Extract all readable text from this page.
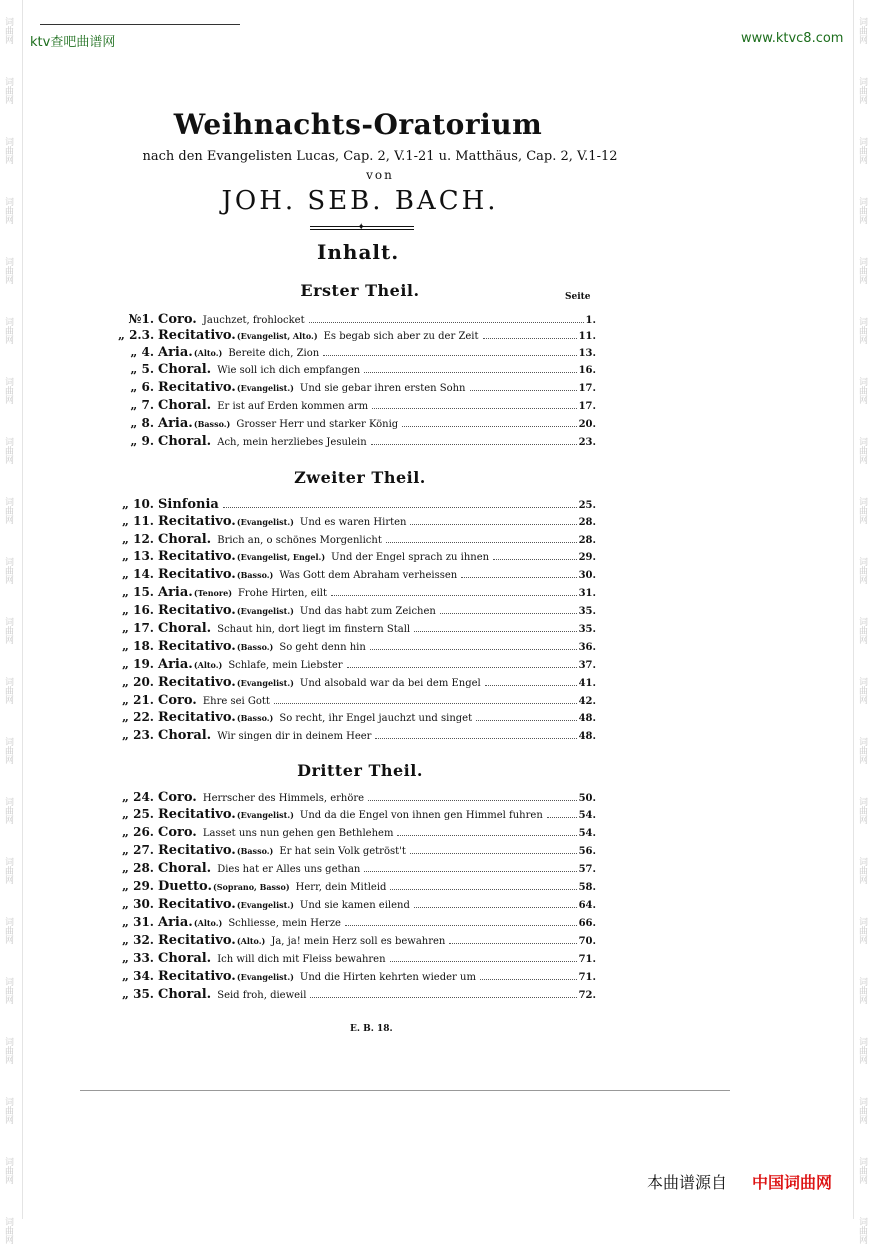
词曲网
词曲网
词曲网
词曲网
词曲网
词曲网
词曲网
词曲网
词曲网
词曲网
词曲网
词曲网
词曲网
词曲网
词曲网
词曲网
词曲网
词曲网
词曲网
词曲网
词曲网
词曲网
词曲网
词曲网
词曲网
词曲网
词曲网
词曲网
词曲网
词曲网
词曲网
词曲网
词曲网
词曲网
词曲网
词曲网
词曲网
词曲网
词曲网
词曲网
词曲网
词曲网
ktv查吧曲谱网	www.ktvc8.com
Weihnachts-Oratorium
nach den Evangelisten Lucas, Cap. 2, V.1-21 u. Matthäus, Cap. 2, V.1-12
von
JOH. SEB. BACH.
✦
Inhalt.
Erster Theil.	Seite
Zweiter Theil.
Dritter Theil.
№1. Coro. Jauchzet, frohlocket	1.
„ 2.3. Recitativo. (Evangelist, Alto.) Es begab sich aber zu der Zeit	11.
„ 4. Aria. (Alto.) Bereite dich, Zion	13.
„ 5. Choral. Wie soll ich dich empfangen	16.
„ 6. Recitativo. (Evangelist.) Und sie gebar ihren ersten Sohn	17.
„ 7. Choral. Er ist auf Erden kommen arm	17.
„ 8. Aria. (Basso.) Grosser Herr und starker König	20.
„ 9. Choral. Ach, mein herzliebes Jesulein	23.
„ 10. Sinfonia	25.
„ 11. Recitativo. (Evangelist.) Und es waren Hirten	28.
„ 12. Choral. Brich an, o schönes Morgenlicht	28.
„ 13. Recitativo. (Evangelist, Engel.) Und der Engel sprach zu ihnen	29.
„ 14. Recitativo. (Basso.) Was Gott dem Abraham verheissen	30.
„ 15. Aria. (Tenore) Frohe Hirten, eilt	31.
„ 16. Recitativo. (Evangelist.) Und das habt zum Zeichen	35.
„ 17. Choral. Schaut hin, dort liegt im finstern Stall	35.
„ 18. Recitativo. (Basso.) So geht denn hin	36.
„ 19. Aria. (Alto.) Schlafe, mein Liebster	37.
„ 20. Recitativo. (Evangelist.) Und alsobald war da bei dem Engel	41.
„ 21. Coro. Ehre sei Gott	42.
„ 22. Recitativo. (Basso.) So recht, ihr Engel jauchzt und singet	48.
„ 23. Choral. Wir singen dir in deinem Heer	48.
„ 24. Coro. Herrscher des Himmels, erhöre	50.
„ 25. Recitativo. (Evangelist.) Und da die Engel von ihnen gen Himmel fuhren	54.
„ 26. Coro. Lasset uns nun gehen gen Bethlehem	54.
„ 27. Recitativo. (Basso.) Er hat sein Volk getröst't	56.
„ 28. Choral. Dies hat er Alles uns gethan	57.
„ 29. Duetto. (Soprano, Basso) Herr, dein Mitleid	58.
„ 30. Recitativo. (Evangelist.) Und sie kamen eilend	64.
„ 31. Aria. (Alto.) Schliesse, mein Herze	66.
„ 32. Recitativo. (Alto.) Ja, ja! mein Herz soll es bewahren	70.
„ 33. Choral. Ich will dich mit Fleiss bewahren	71.
„ 34. Recitativo. (Evangelist.) Und die Hirten kehrten wieder um	71.
„ 35. Choral. Seid froh, dieweil	72.
E. B. 18.
本曲谱源自 中国词曲网
